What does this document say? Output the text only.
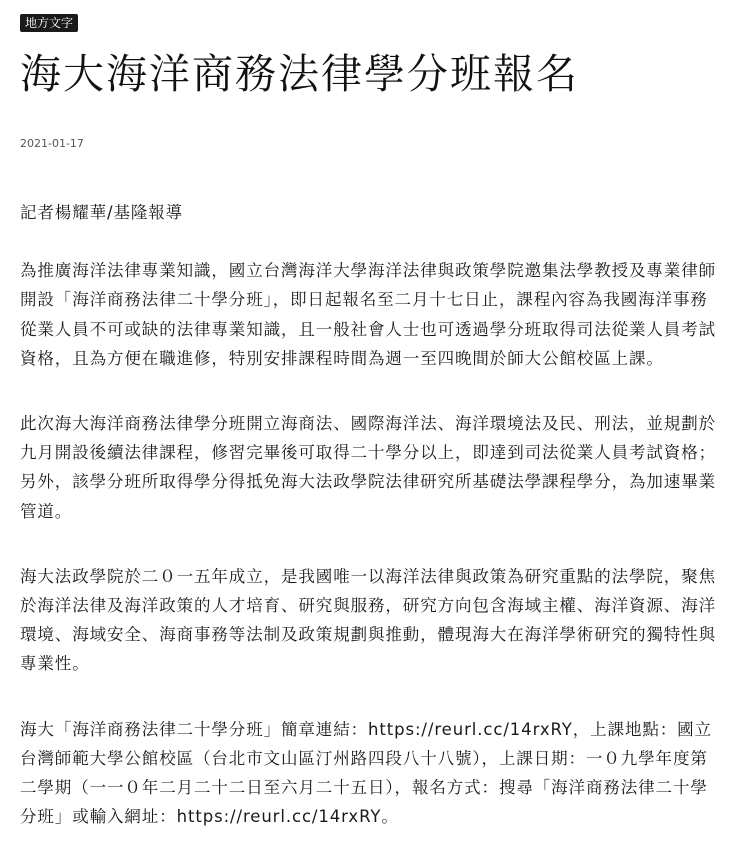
地方文字
海大海洋商務法律學分班報名
2021-01-17

記者楊耀華/基隆報導

為推廣海洋法律專業知識，國立台灣海洋大學海洋法律與政策學院邀集法學教授及專業律師開設「海洋商務法律二十學分班」，即日起報名至二月十七日止，課程內容為我國海洋事務從業人員不可或缺的法律專業知識，且一般社會人士也可透過學分班取得司法從業人員考試資格，且為方便在職進修，特別安排課程時間為週一至四晚間於師大公館校區上課。

此次海大海洋商務法律學分班開立海商法、國際海洋法、海洋環境法及民、刑法，並規劃於九月開設後續法律課程，修習完畢後可取得二十學分以上，即達到司法從業人員考試資格；另外，該學分班所取得學分得抵免海大法政學院法律研究所基礎法學課程學分，為加速畢業管道。

海大法政學院於二０一五年成立，是我國唯一以海洋法律與政策為研究重點的法學院，聚焦於海洋法律及海洋政策的人才培育、研究與服務，研究方向包含海域主權、海洋資源、海洋環境、海域安全、海商事務等法制及政策規劃與推動，體現海大在海洋學術研究的獨特性與專業性。

海大「海洋商務法律二十學分班」簡章連結：https://reurl.cc/14rxRY，上課地點：國立台灣師範大學公館校區（台北市文山區汀州路四段八十八號），上課日期：一０九學年度第二學期（一一０年二月二十二日至六月二十五日），報名方式：搜尋「海洋商務法律二十學分班」或輸入網址：https://reurl.cc/14rxRY。
